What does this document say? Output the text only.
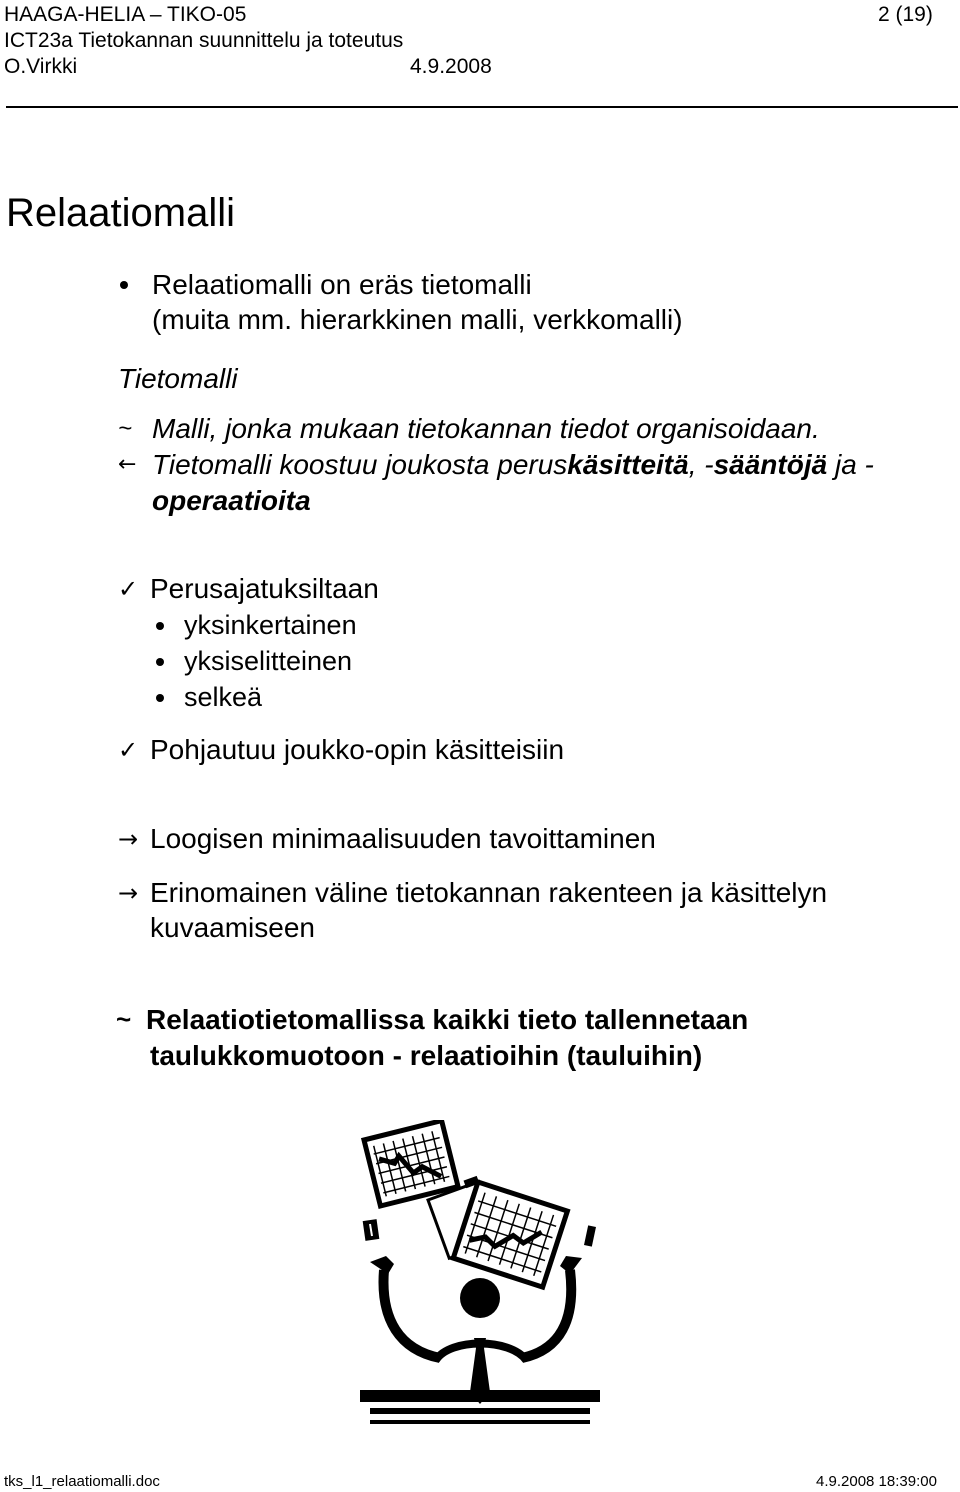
HAAGA-HELIA – TIKO-05
ICT23a Tietokannan suunnittelu ja toteutus
O.Virkki	4.9.2008
2 (19)
Relaatiomalli
Relaatiomalli on eräs tietomalli
(muita mm. hierarkkinen malli, verkkomalli)
Tietomalli
~ Malli, jonka mukaan tietokannan tiedot organisoidaan.
← Tietomalli koostuu joukosta peruskäsitteitä, -sääntöjä ja -
operaatioita
✓ Perusajatuksiltaan
yksinkertainen
yksiselitteinen
selkeä
✓ Pohjautuu joukko-opin käsitteisiin
→ Loogisen minimaalisuuden tavoittaminen
→ Erinomainen väline tietokannan rakenteen ja käsittelyn
kuvaamiseen
~ Relaatiotietomallissa kaikki tieto tallennetaan
taulukkomuotoon - relaatioihin (tauluihin)
tks_l1_relaatiomalli.doc	4.9.2008 18:39:00
